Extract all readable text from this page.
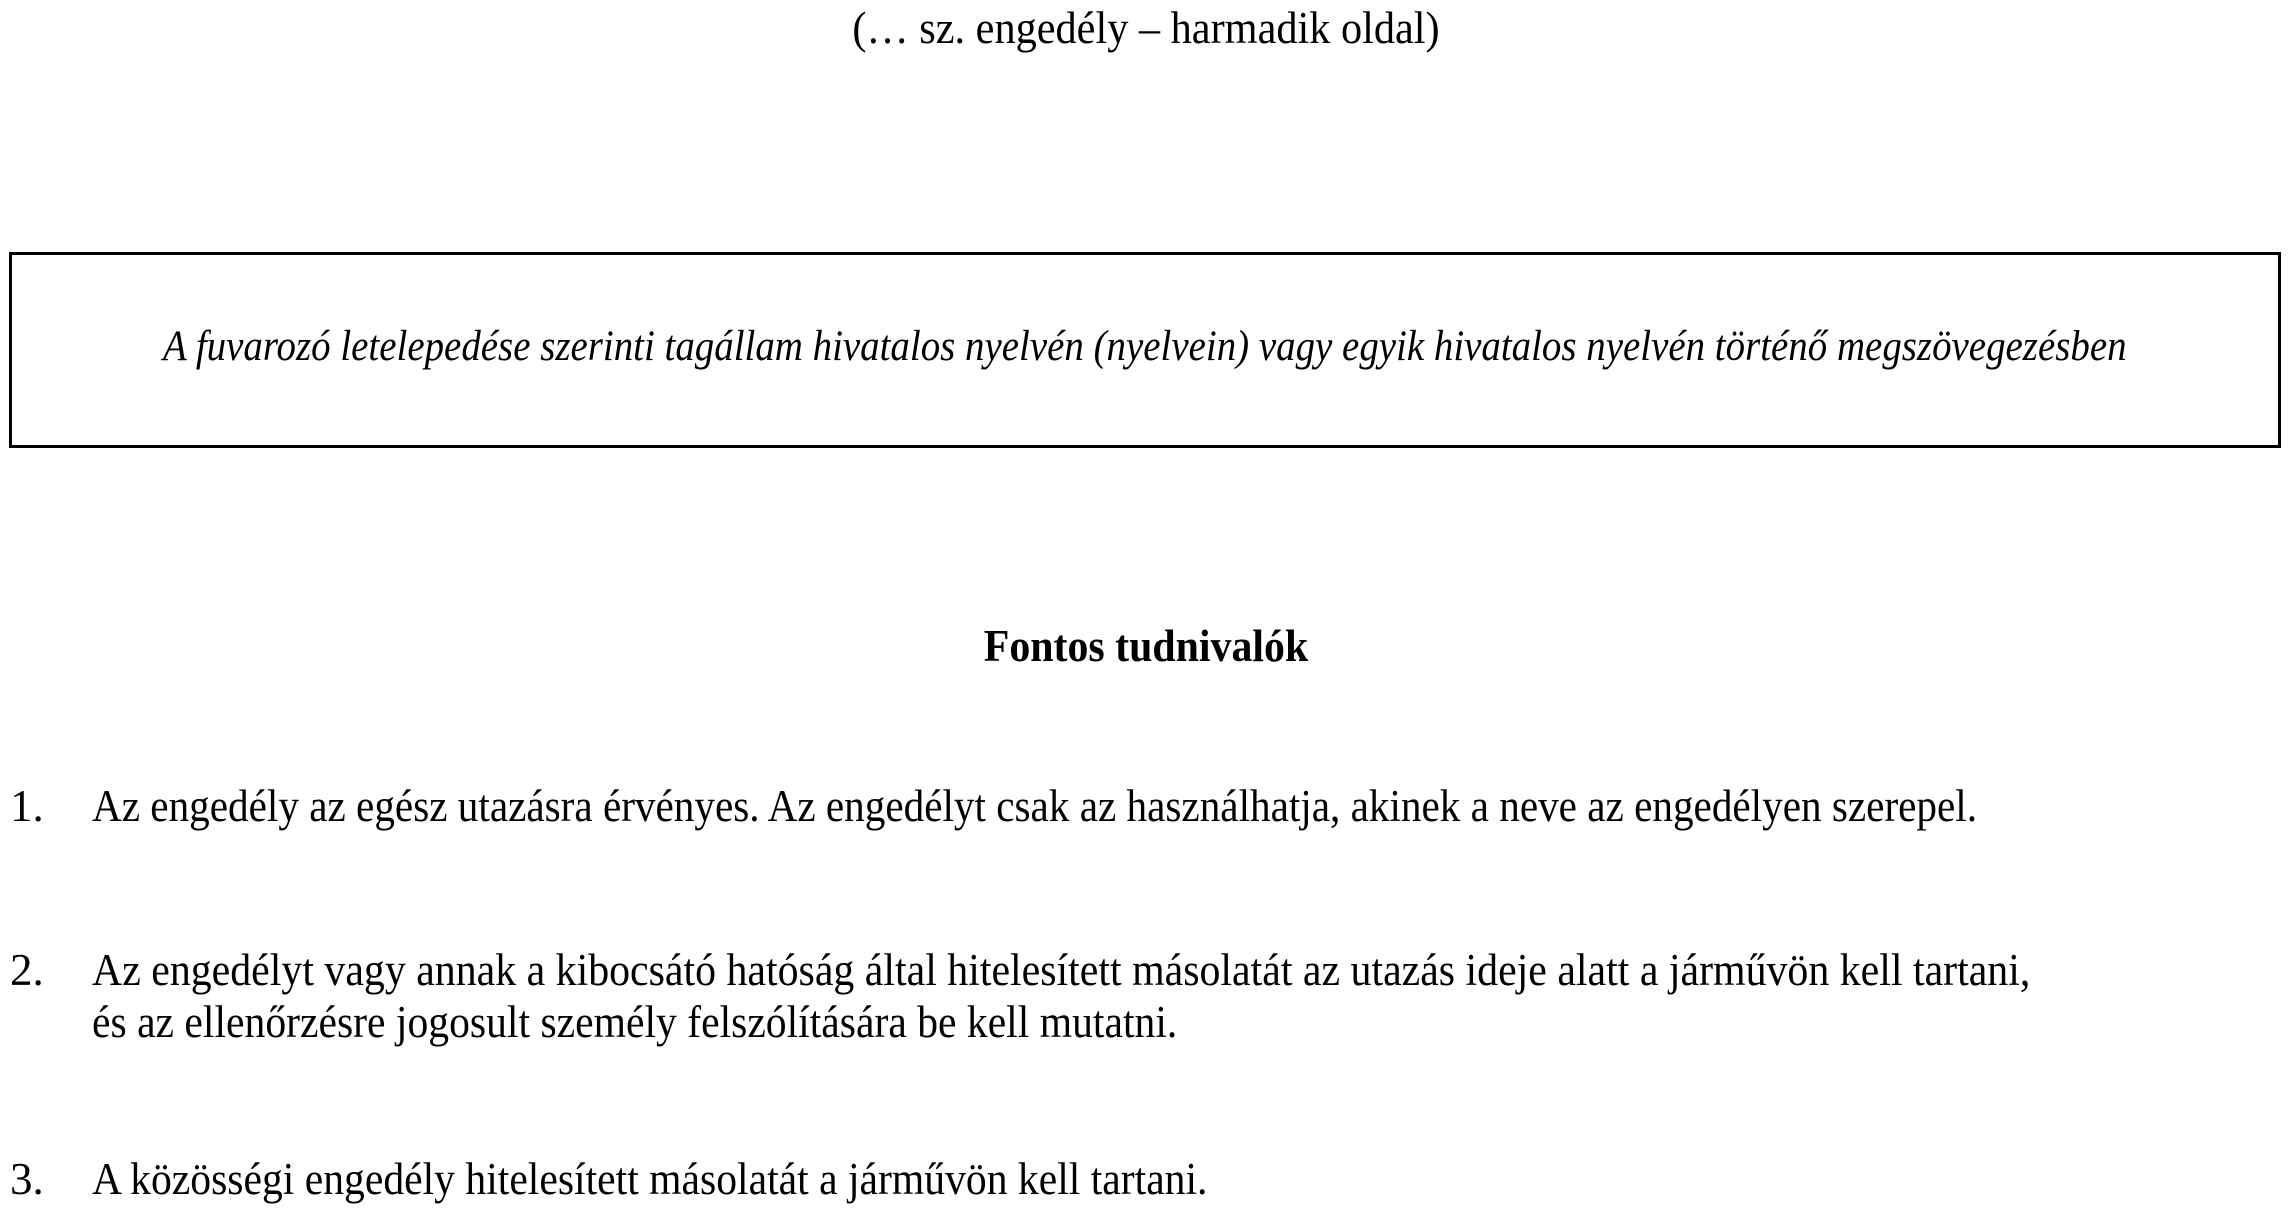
(… sz. engedély – harmadik oldal)
A fuvarozó letelepedése szerinti tagállam hivatalos nyelvén (nyelvein) vagy egyik hivatalos nyelvén történő megszövegezésben
Fontos tudnivalók
1. Az engedély az egész utazásra érvényes. Az engedélyt csak az használhatja, akinek a neve az engedélyen szerepel.
2. Az engedélyt vagy annak a kibocsátó hatóság által hitelesített másolatát az utazás ideje alatt a járművön kell tartani,
és az ellenőrzésre jogosult személy felszólítására be kell mutatni.
3. A közösségi engedély hitelesített másolatát a járművön kell tartani.
